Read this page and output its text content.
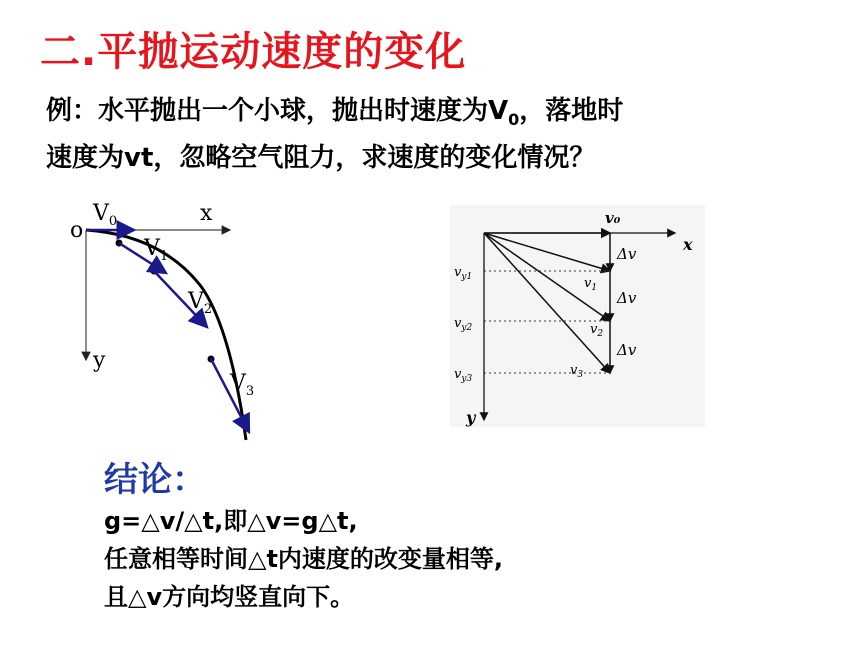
二.平抛运动速度的变化
例：水平抛出一个小球，抛出时速度为$V_0$，落地时
速度为vt，忽略空气阻力，求速度的变化情况？
o
x
y
$V_0$
$V_1$
$V_2$
$V_3$
v₀
x
y
Δv
Δv
Δv
$v_{y1}$
$v_{y2}$
$v_{y3}$
$v_1$
$v_2$
$v_3$
结论：
g=△v/△t,即△v=g△t,
任意相等时间△t内速度的改变量相等,
且△v方向均竖直向下。
